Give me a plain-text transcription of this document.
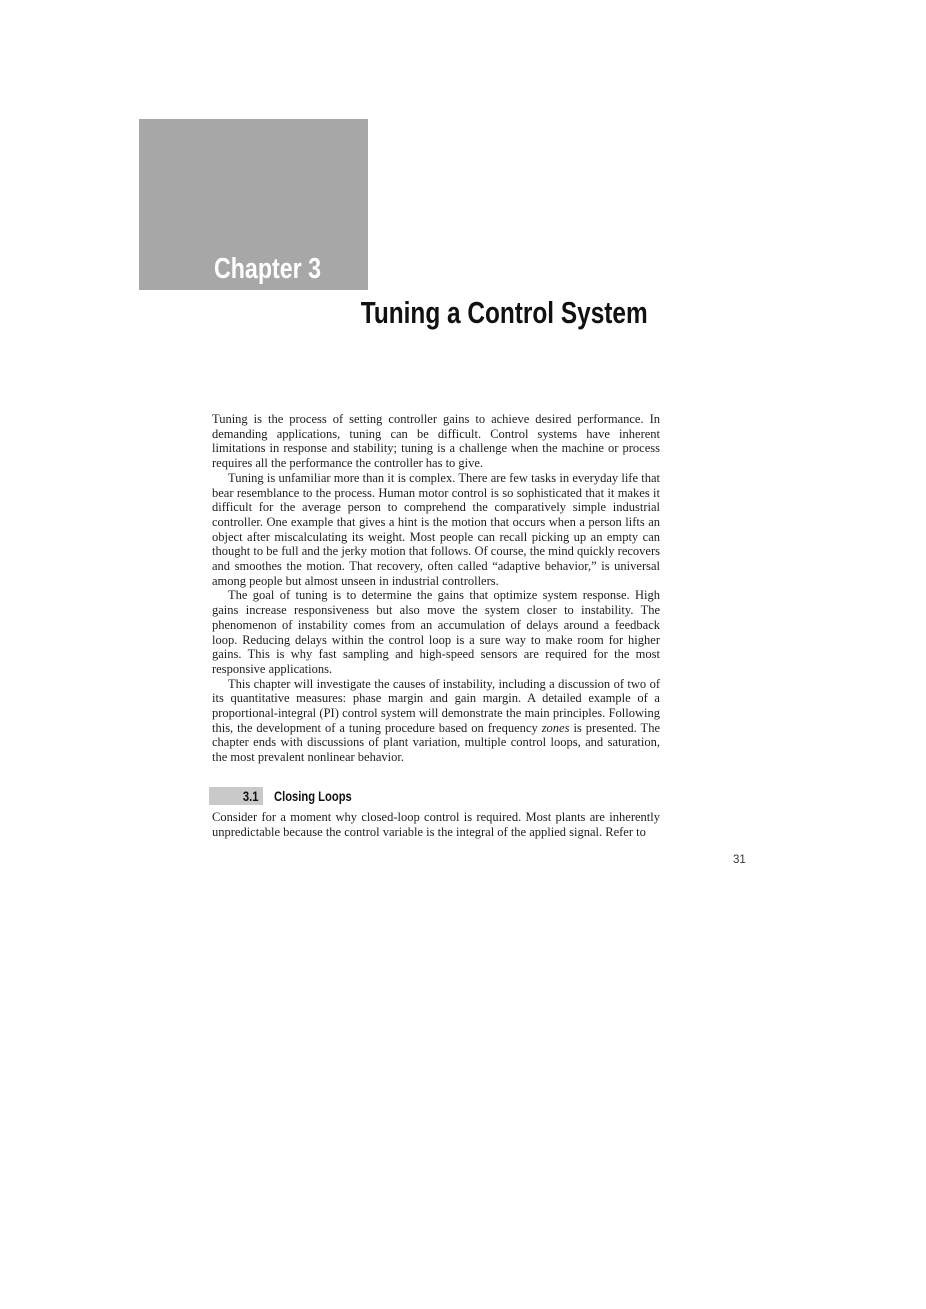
Chapter 3
Tuning a Control System

Tuning is the process of setting controller gains to achieve desired performance. In demanding applications, tuning can be difficult. Control systems have inherent limitations in response and stability; tuning is a challenge when the machine or process requires all the performance the controller has to give.

Tuning is unfamiliar more than it is complex. There are few tasks in everyday life that bear resemblance to the process. Human motor control is so sophisticated that it makes it difficult for the average person to comprehend the comparatively simple industrial controller. One example that gives a hint is the motion that occurs when a person lifts an object after miscalculating its weight. Most people can recall picking up an empty can thought to be full and the jerky motion that follows. Of course, the mind quickly recovers and smoothes the motion. That recovery, often called “adaptive behavior,” is universal among people but almost unseen in industrial controllers.

The goal of tuning is to determine the gains that optimize system response. High gains increase responsiveness but also move the system closer to instability. The phenomenon of instability comes from an accumulation of delays around a feedback loop. Reducing delays within the control loop is a sure way to make room for higher gains. This is why fast sampling and high-speed sensors are required for the most responsive applications.

This chapter will investigate the causes of instability, including a discussion of two of its quantitative measures: phase margin and gain margin. A detailed example of a proportional-integral (PI) control system will demonstrate the main principles. Following this, the development of a tuning procedure based on frequency zones is presented. The chapter ends with discussions of plant variation, multiple control loops, and saturation, the most prevalent nonlinear behavior.

3.1	Closing Loops

Consider for a moment why closed-loop control is required. Most plants are inherently unpredictable because the control variable is the integral of the applied signal. Refer to

31
